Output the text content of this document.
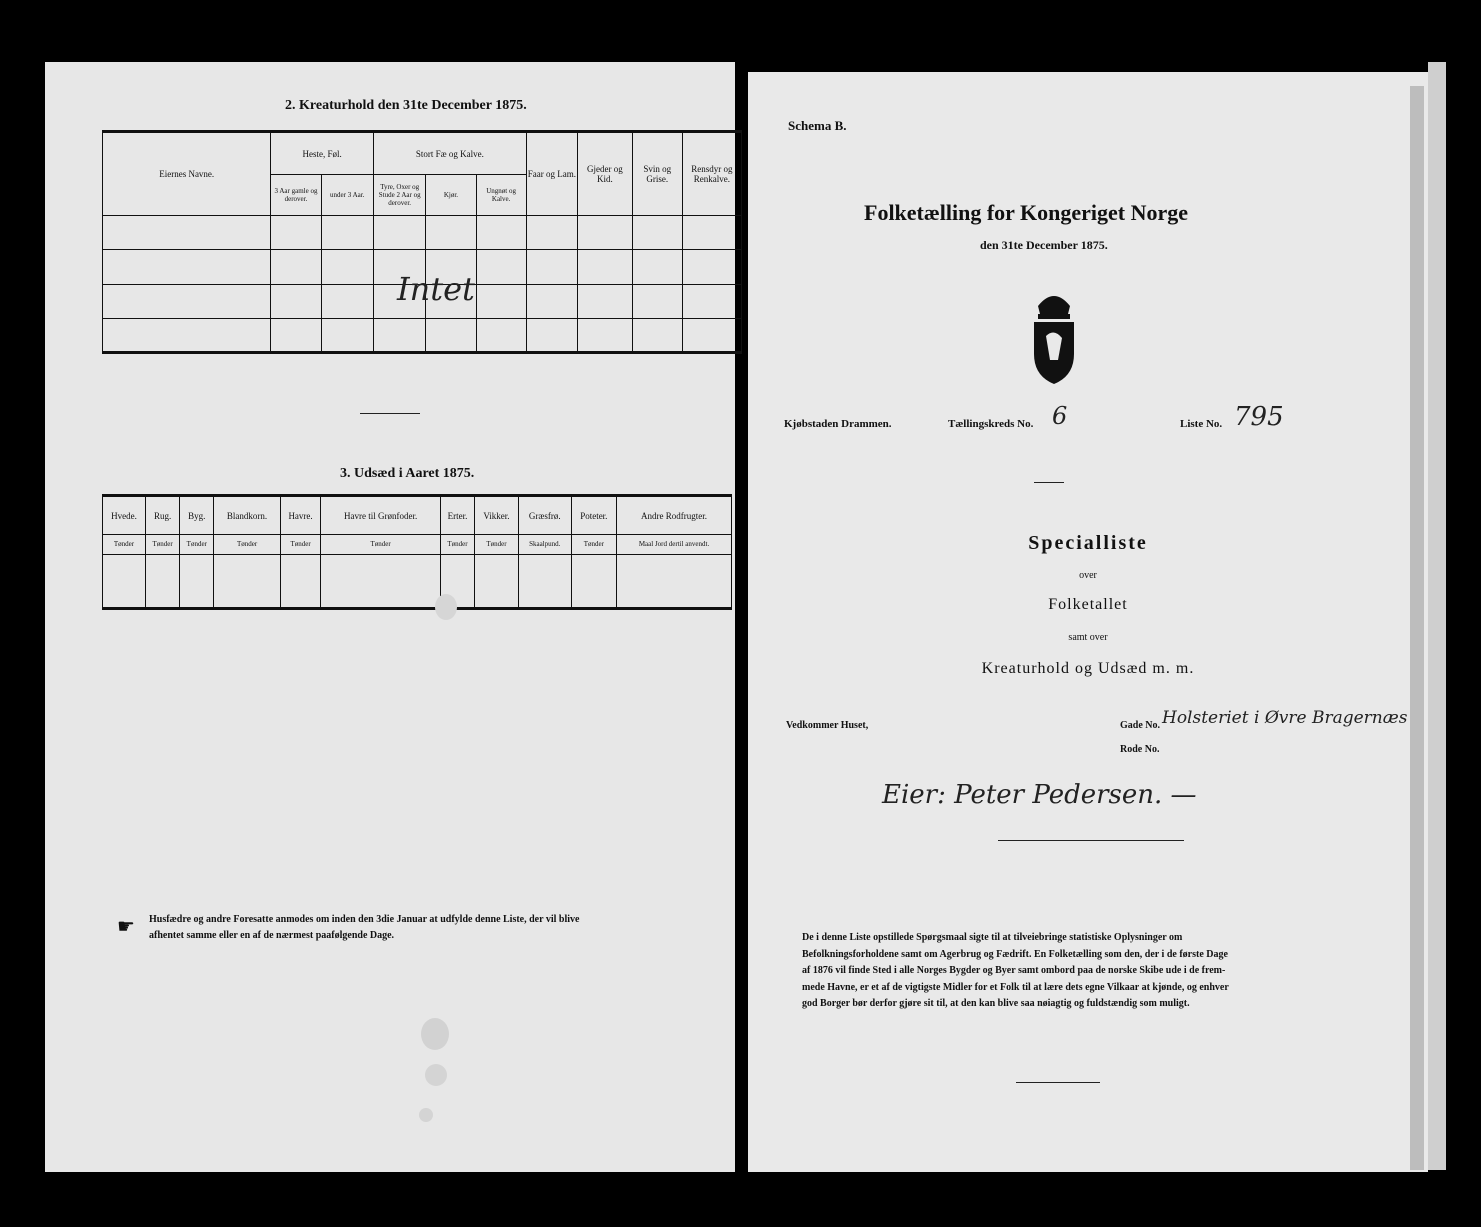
2. Kreaturhold den 31te December 1875.
Eiernes Navne.	Heste, Føl.		Stort Fæ og Kalve.			Faar og Lam.	Gjeder og Kid.	Svin og Grise.	Rensdyr og Renkalve.
	3 Aar gamle og derover.	under 3 Aar.	Tyre, Oxer og Stude 2 Aar og derover.	Kjør.	Ungnøt og Kalve.				

Intet
3. Udsæd i Aaret 1875.
Hvede.	Rug.	Byg.	Blandkorn.	Havre.	Havre til Grønfoder.	Erter.	Vikker.	Græsfrø.	Poteter.	Andre Rodfrugter.
Tønder	Tønder	Tønder	Tønder	Tønder	Tønder	Tønder	Tønder	Skaalpund.	Tønder	Maal Jord dertil anvendt.

☛ Husfædre og andre Foresatte anmodes om inden den 3die Januar at udfylde denne Liste, der vil blive
afhentet samme eller en af de nærmest paafølgende Dage.
Schema B.
Folketælling for Kongeriget Norge
den 31te December 1875.
Kjøbstaden Drammen.	Tællingskreds No. 6	Liste No. 795
Specialliste
over
Folketallet
samt over
Kreaturhold og Udsæd m. m.
Vedkommer Huset,	Gade No. Holsteriet i Øvre Bragernæs
Rode No.
Eier: Peter Pedersen. —
De i denne Liste opstillede Spørgsmaal sigte til at tilveiebringe statistiske Oplysninger om
Befolkningsforholdene samt om Agerbrug og Fædrift. En Folketælling som den, der i de første Dage
af 1876 vil finde Sted i alle Norges Bygder og Byer samt ombord paa de norske Skibe ude i de frem-
mede Havne, er et af de vigtigste Midler for et Folk til at lære dets egne Vilkaar at kjønde, og enhver
god Borger bør derfor gjøre sit til, at den kan blive saa nøiagtig og fuldstændig som muligt.
